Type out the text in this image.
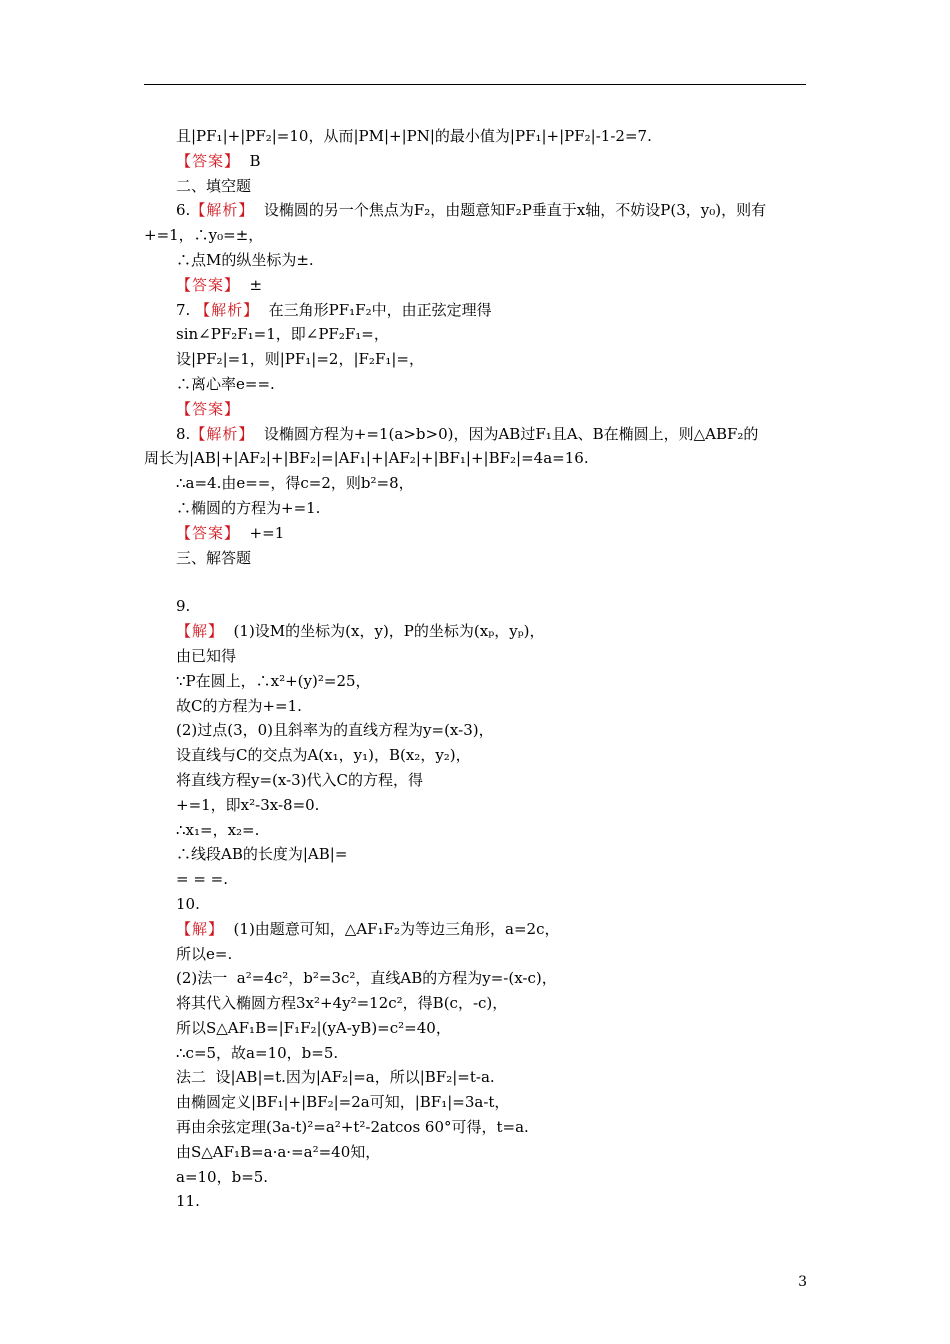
且|PF₁|+|PF₂|=10，从而|PM|+|PN|的最小值为|PF₁|+|PF₂|-1-2=7.
【答案】  B
二、填空题
6.【解析】  设椭圆的另一个焦点为F₂，由题意知F₂P垂直于x轴，不妨设P(3，y₀)，则有
+=1，∴y₀=±，
∴点M的纵坐标为±.
【答案】  ±
7. 【解析】  在三角形PF₁F₂中，由正弦定理得
sin∠PF₂F₁=1，即∠PF₂F₁=，
设|PF₂|=1，则|PF₁|=2，|F₂F₁|=，
∴离心率e==.
【答案】
8.【解析】  设椭圆方程为+=1(a>b>0)，因为AB过F₁且A、B在椭圆上，则△ABF₂的
周长为|AB|+|AF₂|+|BF₂|=|AF₁|+|AF₂|+|BF₁|+|BF₂|=4a=16.
∴a=4.由e==，得c=2，则b²=8，
∴椭圆的方程为+=1.
【答案】  +=1
三、解答题
9.
【解】  (1)设M的坐标为(x，y)，P的坐标为(xₚ，yₚ)，
由已知得
∵P在圆上，∴x²+(y)²=25，
故C的方程为+=1.
(2)过点(3，0)且斜率为的直线方程为y=(x-3)，
设直线与C的交点为A(x₁，y₁)，B(x₂，y₂)，
将直线方程y=(x-3)代入C的方程，得
+=1，即x²-3x-8=0.
∴x₁=，x₂=.
∴线段AB的长度为|AB|=
= = =.
10.
【解】  (1)由题意可知，△AF₁F₂为等边三角形，a=2c，
所以e=.
(2)法一  a²=4c²，b²=3c²，直线AB的方程为y=-(x-c)，
将其代入椭圆方程3x²+4y²=12c²，得B(c，-c)，
所以S△AF₁B=|F₁F₂|(yA-yB)=c²=40，
∴c=5，故a=10，b=5.
法二  设|AB|=t.因为|AF₂|=a，所以|BF₂|=t-a.
由椭圆定义|BF₁|+|BF₂|=2a可知，|BF₁|=3a-t，
再由余弦定理(3a-t)²=a²+t²-2atcos 60°可得，t=a.
由S△AF₁B=a·a·=a²=40知，
a=10，b=5.
11.
3
